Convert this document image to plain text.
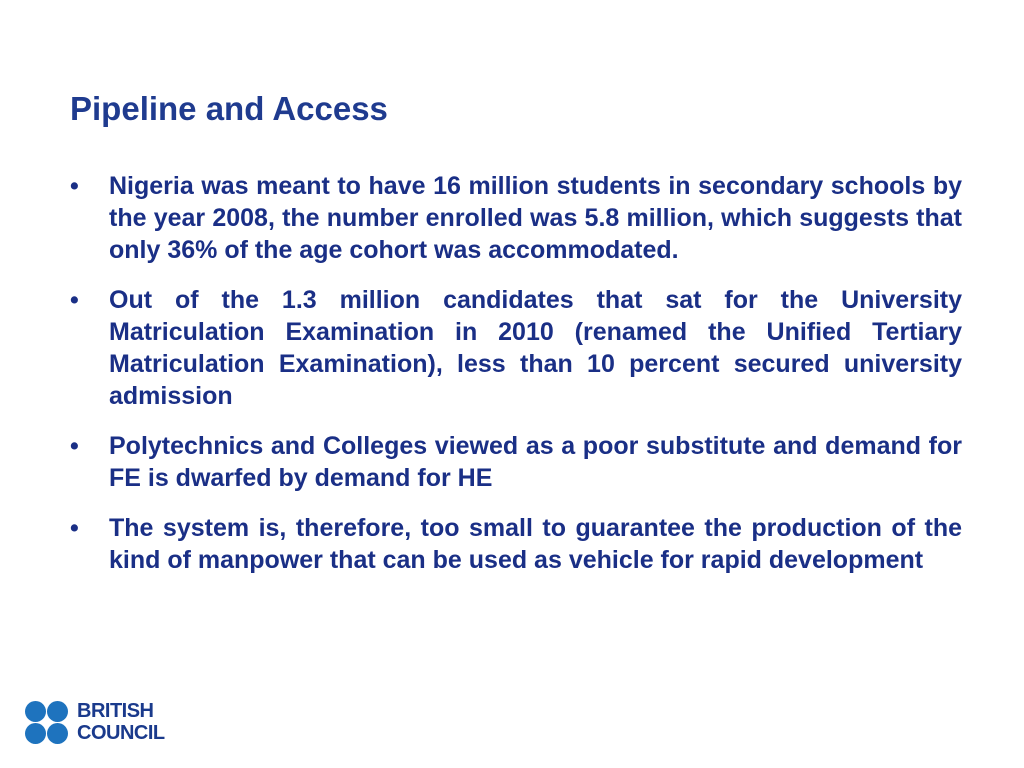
Pipeline and Access
• Nigeria was meant to have 16 million students in secondary schools by the year 2008, the number enrolled was 5.8 million, which suggests that only 36% of the age cohort was accommodated.
• Out of the 1.3 million candidates that sat for the University Matriculation Examination in 2010 (renamed the Unified Tertiary Matriculation Examination), less than 10 percent secured university admission
• Polytechnics and Colleges viewed as a poor substitute and demand for FE is dwarfed by demand for HE
• The system is, therefore, too small to guarantee the production of the kind of manpower that can be used as vehicle for rapid development
BRITISH
COUNCIL
